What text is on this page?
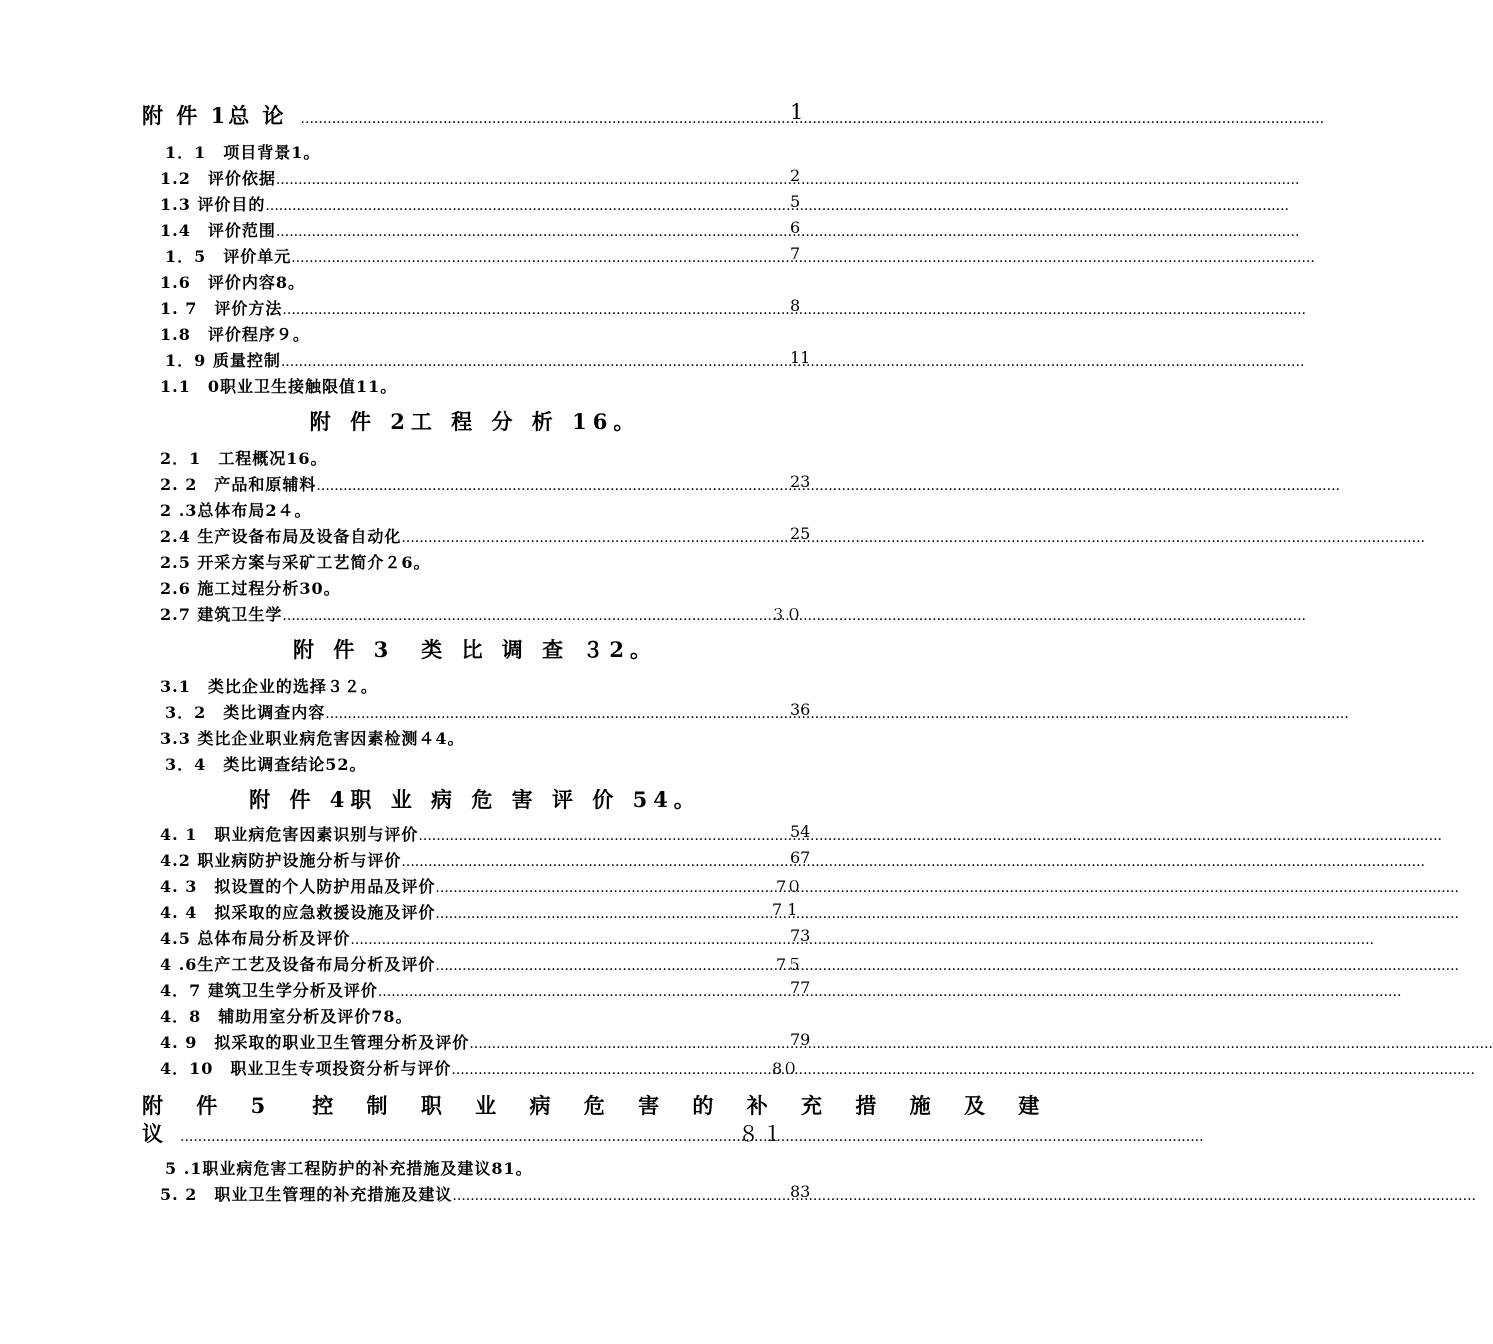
附 件 1总 论 .....	1
1．1　项目背景1。
1.2　评价依据 .....	2
1.3 评价目的 .....	5
1.4　评价范围 .....	6
1．5　评价单元 .....	7
1.6　评价内容8。
1. 7　评价方法 .....	8
1.8　评价程序９。
1．9 质量控制 .....	11
1.1　0职业卫生接触限值11。
附 件 2工 程 分 析 16。
2．1　工程概况16。
2. 2　产品和原辅料 .....	23
2 .3总体布局2４。
2.4 生产设备布局及设备自动化 .....	25
2.5 开采方案与采矿工艺简介２6。
2.6 施工过程分析30。
2.7 建筑卫生学 .....	３０
附 件 3　类 比 调 查 ３2。
3.1　类比企业的选择３２。
3．2　类比调查内容 .....	36
3.3 类比企业职业病危害因素检测４4。
3．4　类比调查结论52。
附 件 4职 业 病 危 害 评 价 54。
4. 1　职业病危害因素识别与评价 .....	54
4.2 职业病防护设施分析与评价 .....	67
4. 3　拟设置的个人防护用品及评价 .....	7０
4. 4　拟采取的应急救援设施及评价 .....	7 1
4.5 总体布局分析及评价 .....	73
4 .6生产工艺及设备布局分析及评价 .....	7５
4．7 建筑卫生学分析及评价 .....	77
4．8　辅助用室分析及评价78。
4. 9　拟采取的职业卫生管理分析及评价 .....	79
4．10　职业卫生专项投资分析与评价 .....	8０
附 件 5　控 制 职 业 病 危 害 的 补 充 措 施 及 建
议 .....	８１
5 .1职业病危害工程防护的补充措施及建议81。
5. 2　职业卫生管理的补充措施及建议 .....	83
